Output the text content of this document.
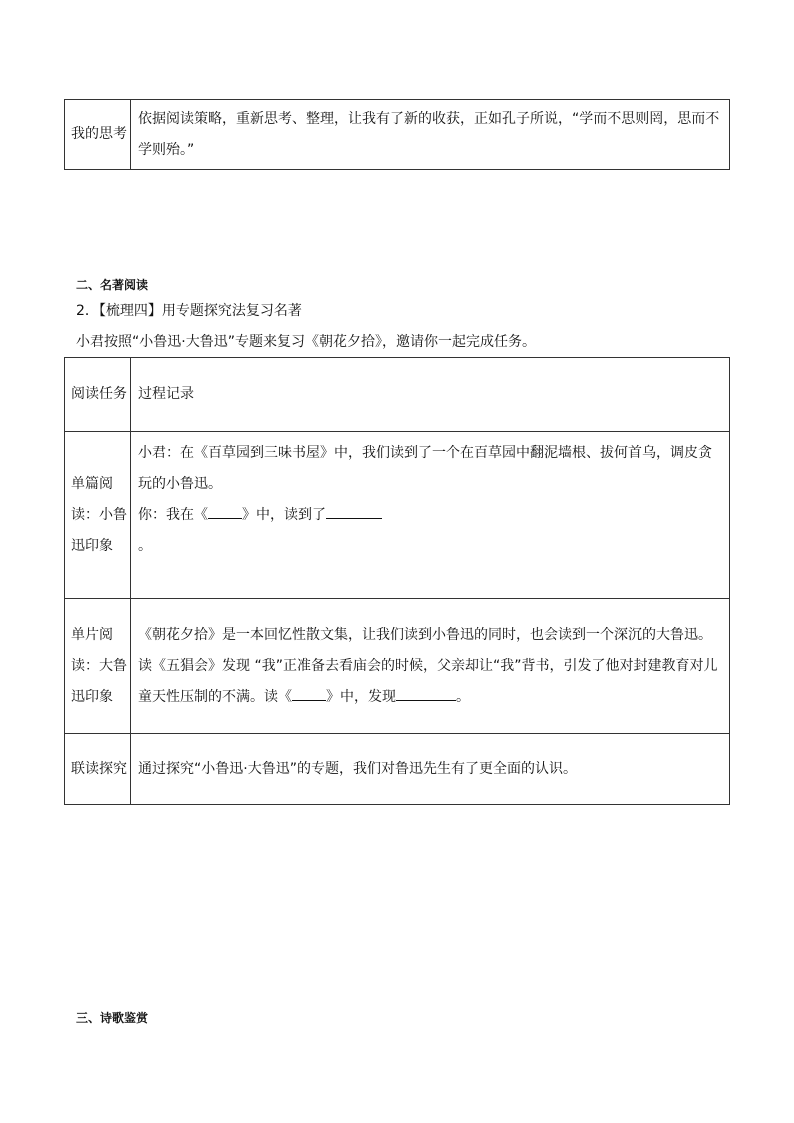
我的思考	依据阅读策略，重新思考、整理，让我有了新的收获，正如孔子所说，“学而不思则罔，思而不学则殆。”
二、名著阅读
2．【梳理四】用专题探究法复习名著
小君按照“小鲁迅·大鲁迅”专题来复习《朝花夕拾》，邀请你一起完成任务。
阅读任务	过程记录
单篇阅读：小鲁迅印象	小君：在《百草园到三味书屋》中，我们读到了一个在百草园中翻泥墙根、拔何首乌，调皮贪玩的小鲁迅。
你：我在《 》中，读到了
。

单片阅读：大鲁迅印象	《朝花夕拾》是一本回忆性散文集，让我们读到小鲁迅的同时，也会读到一个深沉的大鲁迅。读《五猖会》发现 “我”正准备去看庙会的时候，父亲却让“我”背书，引发了他对封建教育对儿童天性压制的不满。读《 》中，发现 。
联读探究	通过探究“小鲁迅·大鲁迅”的专题，我们对鲁迅先生有了更全面的认识。
三、诗歌鉴赏
